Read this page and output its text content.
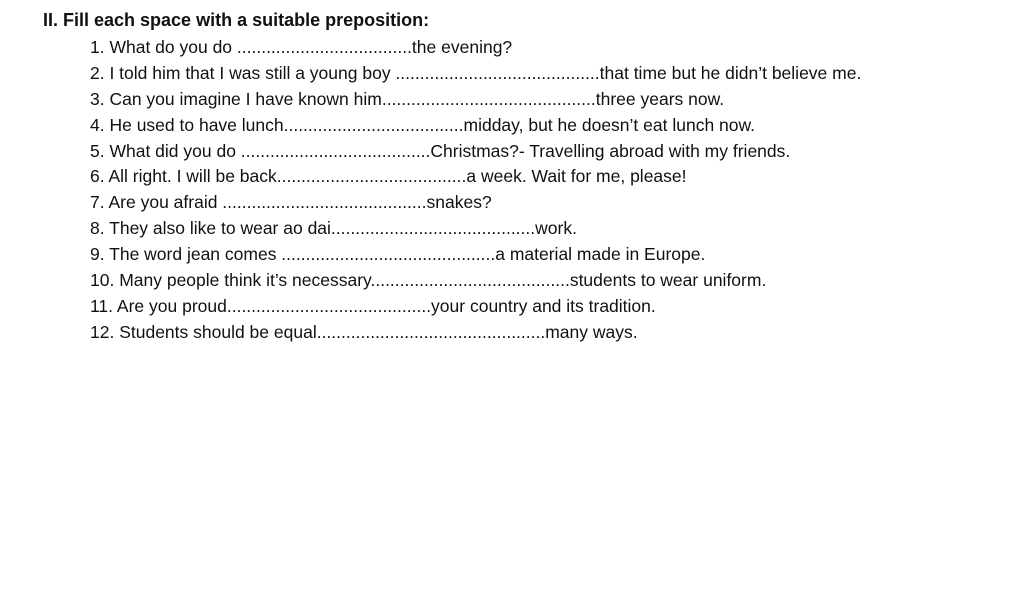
II. Fill each space with a suitable preposition:
1. What do you do ....................................the evening?
2. I told him that I was still a young boy ..........................................that time but he didn’t believe me.
3. Can you imagine I have known him............................................three years now.
4. He used to have lunch.....................................midday, but he doesn’t eat lunch now.
5. What did you do .......................................Christmas?- Travelling abroad with my friends.
6. All right. I will be back.......................................a week. Wait for me, please!
7. Are you afraid ..........................................snakes?
8. They also like to wear ao dai..........................................work.
9. The word jean comes ............................................a material made in Europe.
10. Many people think it’s necessary.........................................students to wear uniform.
11. Are you proud..........................................your country and its tradition.
12. Students should be equal...............................................many ways.
